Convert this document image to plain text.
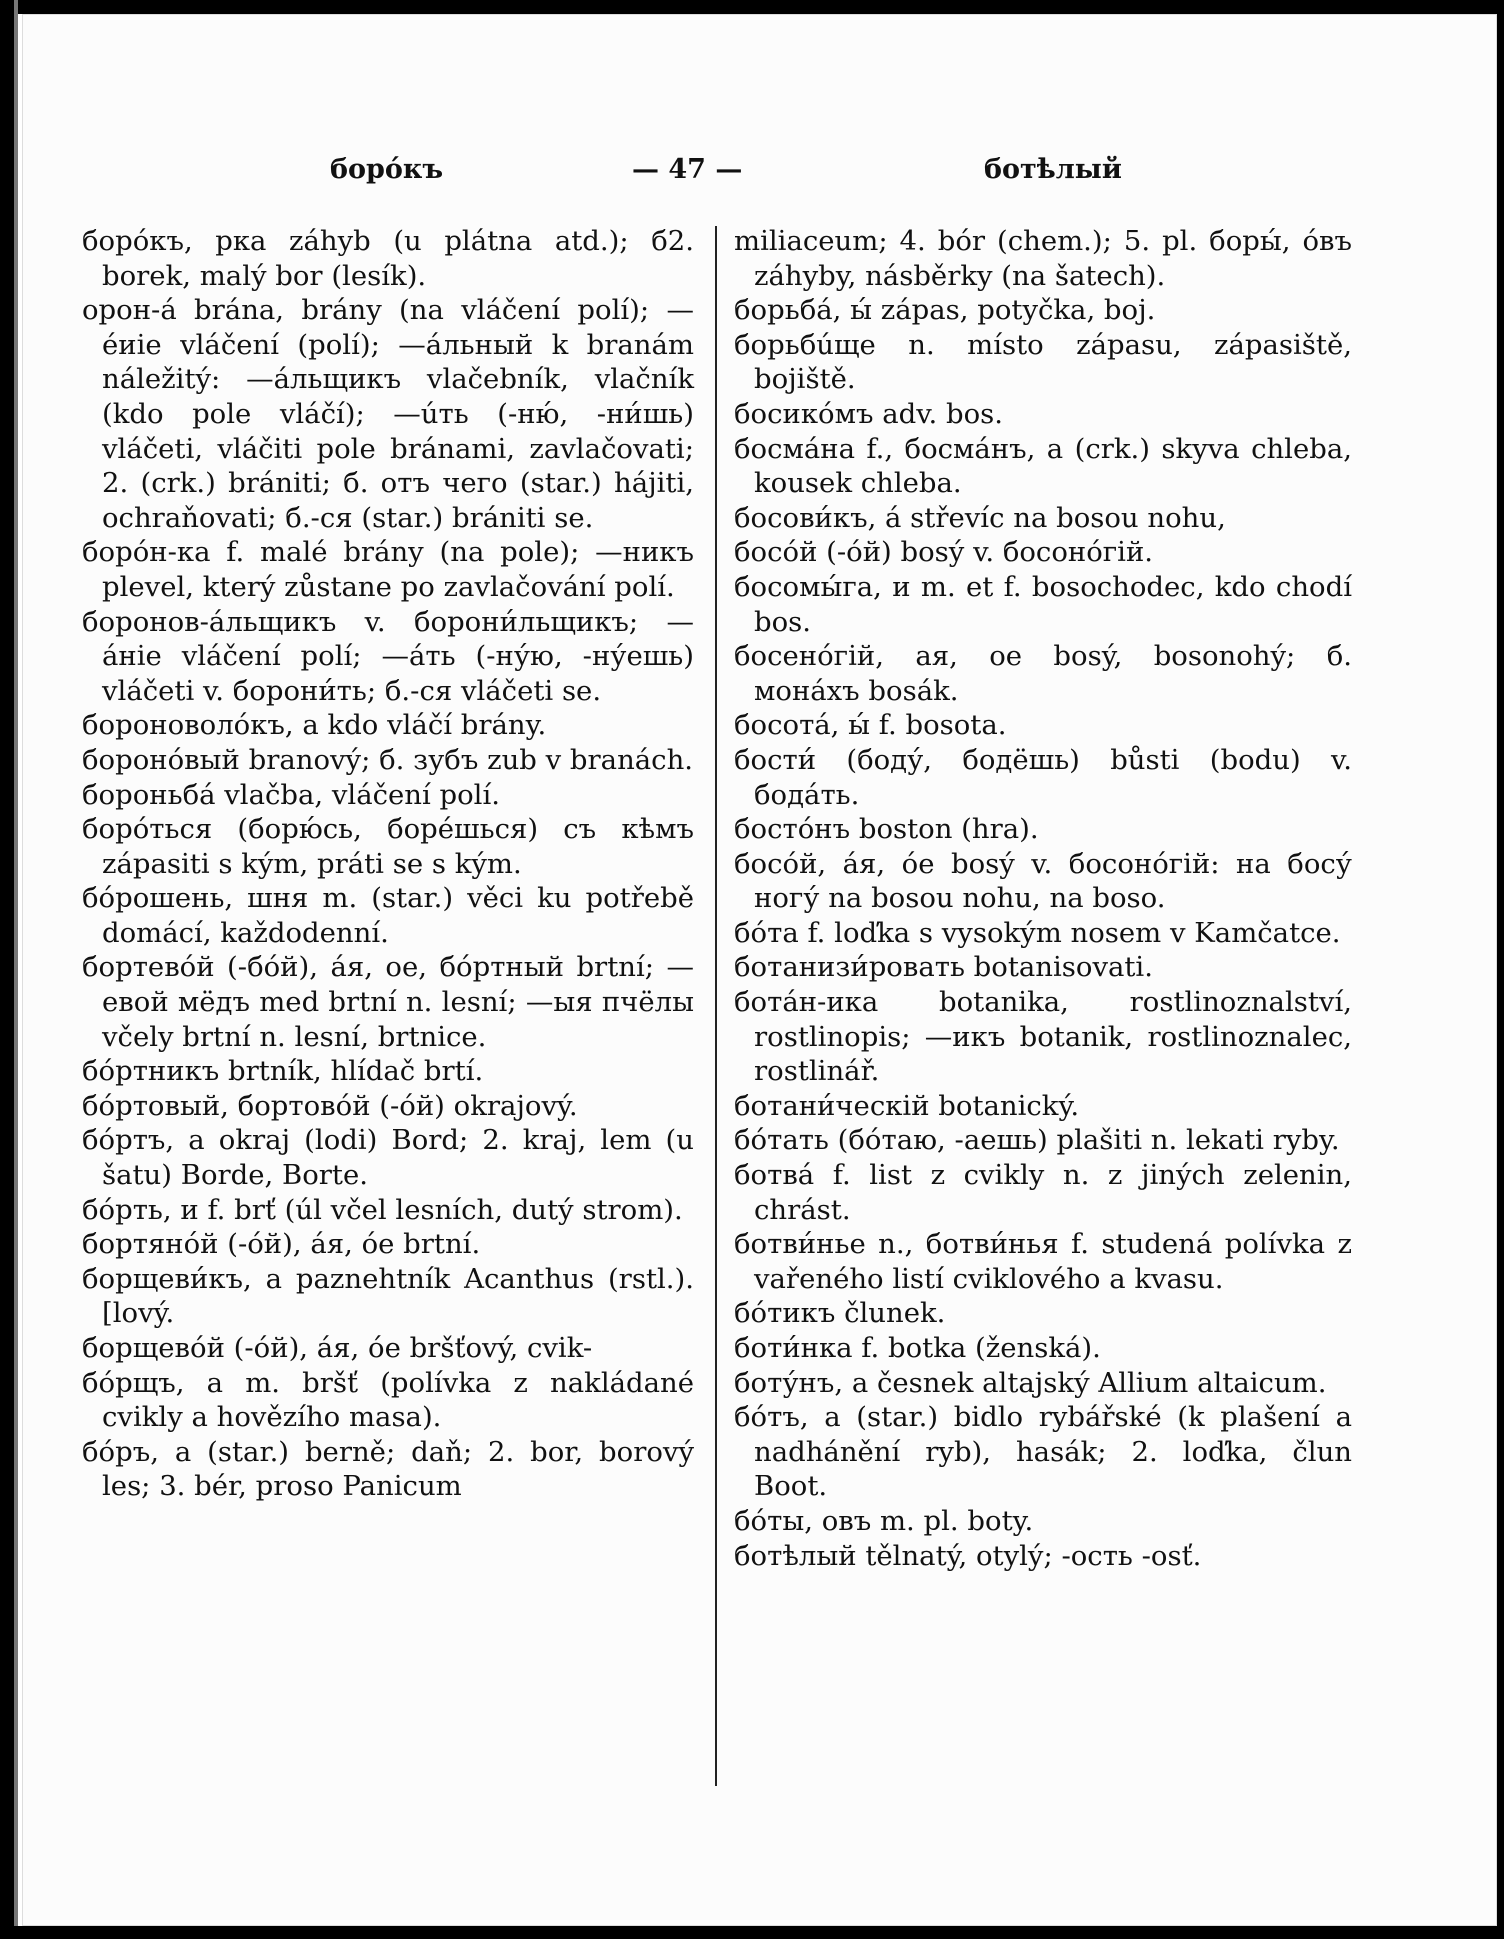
борóкъ	— 47 —	ботѣлый

борóкъ, рка záhyb (u plátna atd.); б2. borek, malý bor (lesík).

орон-á brána, brány (na vláčení polí); —éиie vláčení (polí); —áльный k branám náležitý: —áльщикъ vlačebník, vlačník (kdo pole vláčí); —úть (-ню́, -ни́шь) vláčeti, vláčiti pole bránami, zavlačovati; 2. (crk.) brániti; б. отъ чего (star.) hájiti, ochraňovati; б.-ся (star.) brániti se.

борóн-ка f. malé brány (na pole); —никъ plevel, který zůstane po zavlačování polí.

боронов-áльщикъ v. борони́льщикъ; —áнie vláčení polí; —áть (-ну́ю, -ну́ешь) vláčeti v. борони́ть; б.-ся vláčeti se.

бороноволóкъ, a kdo vláčí brány.

боронóвый branový; б. зубъ zub v branách.

бороньбá vlačba, vláčení polí.

борóться (борю́сь, борéшься) съ кѣмъ zápasiti s kým, práti se s kým.

бóрошень, шня m. (star.) věci ku potřebě domácí, každodenní.

бортевóй (-бóй), áя, ое, бóртный brtní; —евой мёдъ med brtní n. lesní; —ыя пчёлы včely brtní n. lesní, brtnice.

бóртникъ brtník, hlídač brtí.

бóртовый, бортовóй (-óй) okrajový.

бóртъ, a okraj (lodi) Bord; 2. kraj, lem (u šatu) Borde, Borte.

бóрть, и f. brť (úl včel lesních, dutý strom).

бортяно́й (-óй), áя, óе brtní.

борщеви́къ, a paznehtník Acanthus (rstl.). [lový.

борщевóй (-óй), áя, óе bršťový, cvik-

бóрщъ, a m. bršť (polívka z nakládané cvikly a hovězího masa).

бóръ, a (star.) berně; daň; 2. bor, borový les; 3. bér, proso Panicum

miliaceum; 4. bór (chem.); 5. pl. боры́, óвъ záhyby, násběrky (na šatech).

борьбá, ы́ zápas, potyčka, boj.

борьбúще n. místo zápasu, zápasiště, bojiště.

босикóмъ adv. bos.

босмáна f., босмáнъ, a (crk.) skyva chleba, kousek chleba.

босови́къ, á střevíc na bosou nohu,

босóй (-óй) bosý v. босонóгій.

босомы́га, и m. et f. bosochodec, kdo chodí bos.

босенóгій, ая, ое bosý, bosonohý; б. монáхъ bosák.

босотá, ы́ f. bosota.

бости́ (боду́, бодёшь) bůsti (bodu) v. бодáть.

бостóнъ boston (hra).

босóй, áя, óе bosý v. босонóгій: на босу́ ногу́ na bosou nohu, na boso.

бóта f. loďka s vysokým nosem v Kamčatce.

ботанизи́ровать botanisovati.

ботáн-ика botanika, rostlinoznalství, rostlinopis; —икъ botanik, rostlinoznalec, rostlinář.

ботани́ческій botanický.

бóтать (бóтаю, -аешь) plašiti n. lekati ryby.

ботвá f. list z cvikly n. z jiných zelenin, chrást.

ботви́нье n., ботви́нья f. studená polívka z vařeného listí cviklového a kvasu.

бóтикъ člunek.

боти́нка f. botka (ženská).

боту́нъ, a česnek altajský Allium altaicum.

бóтъ, a (star.) bidlo rybářské (k plašení a nadhánění ryb), hasák; 2. loďka, člun Boot.

бóты, овъ m. pl. boty.

ботѣлый tělnatý, otylý; -ость -osť.
